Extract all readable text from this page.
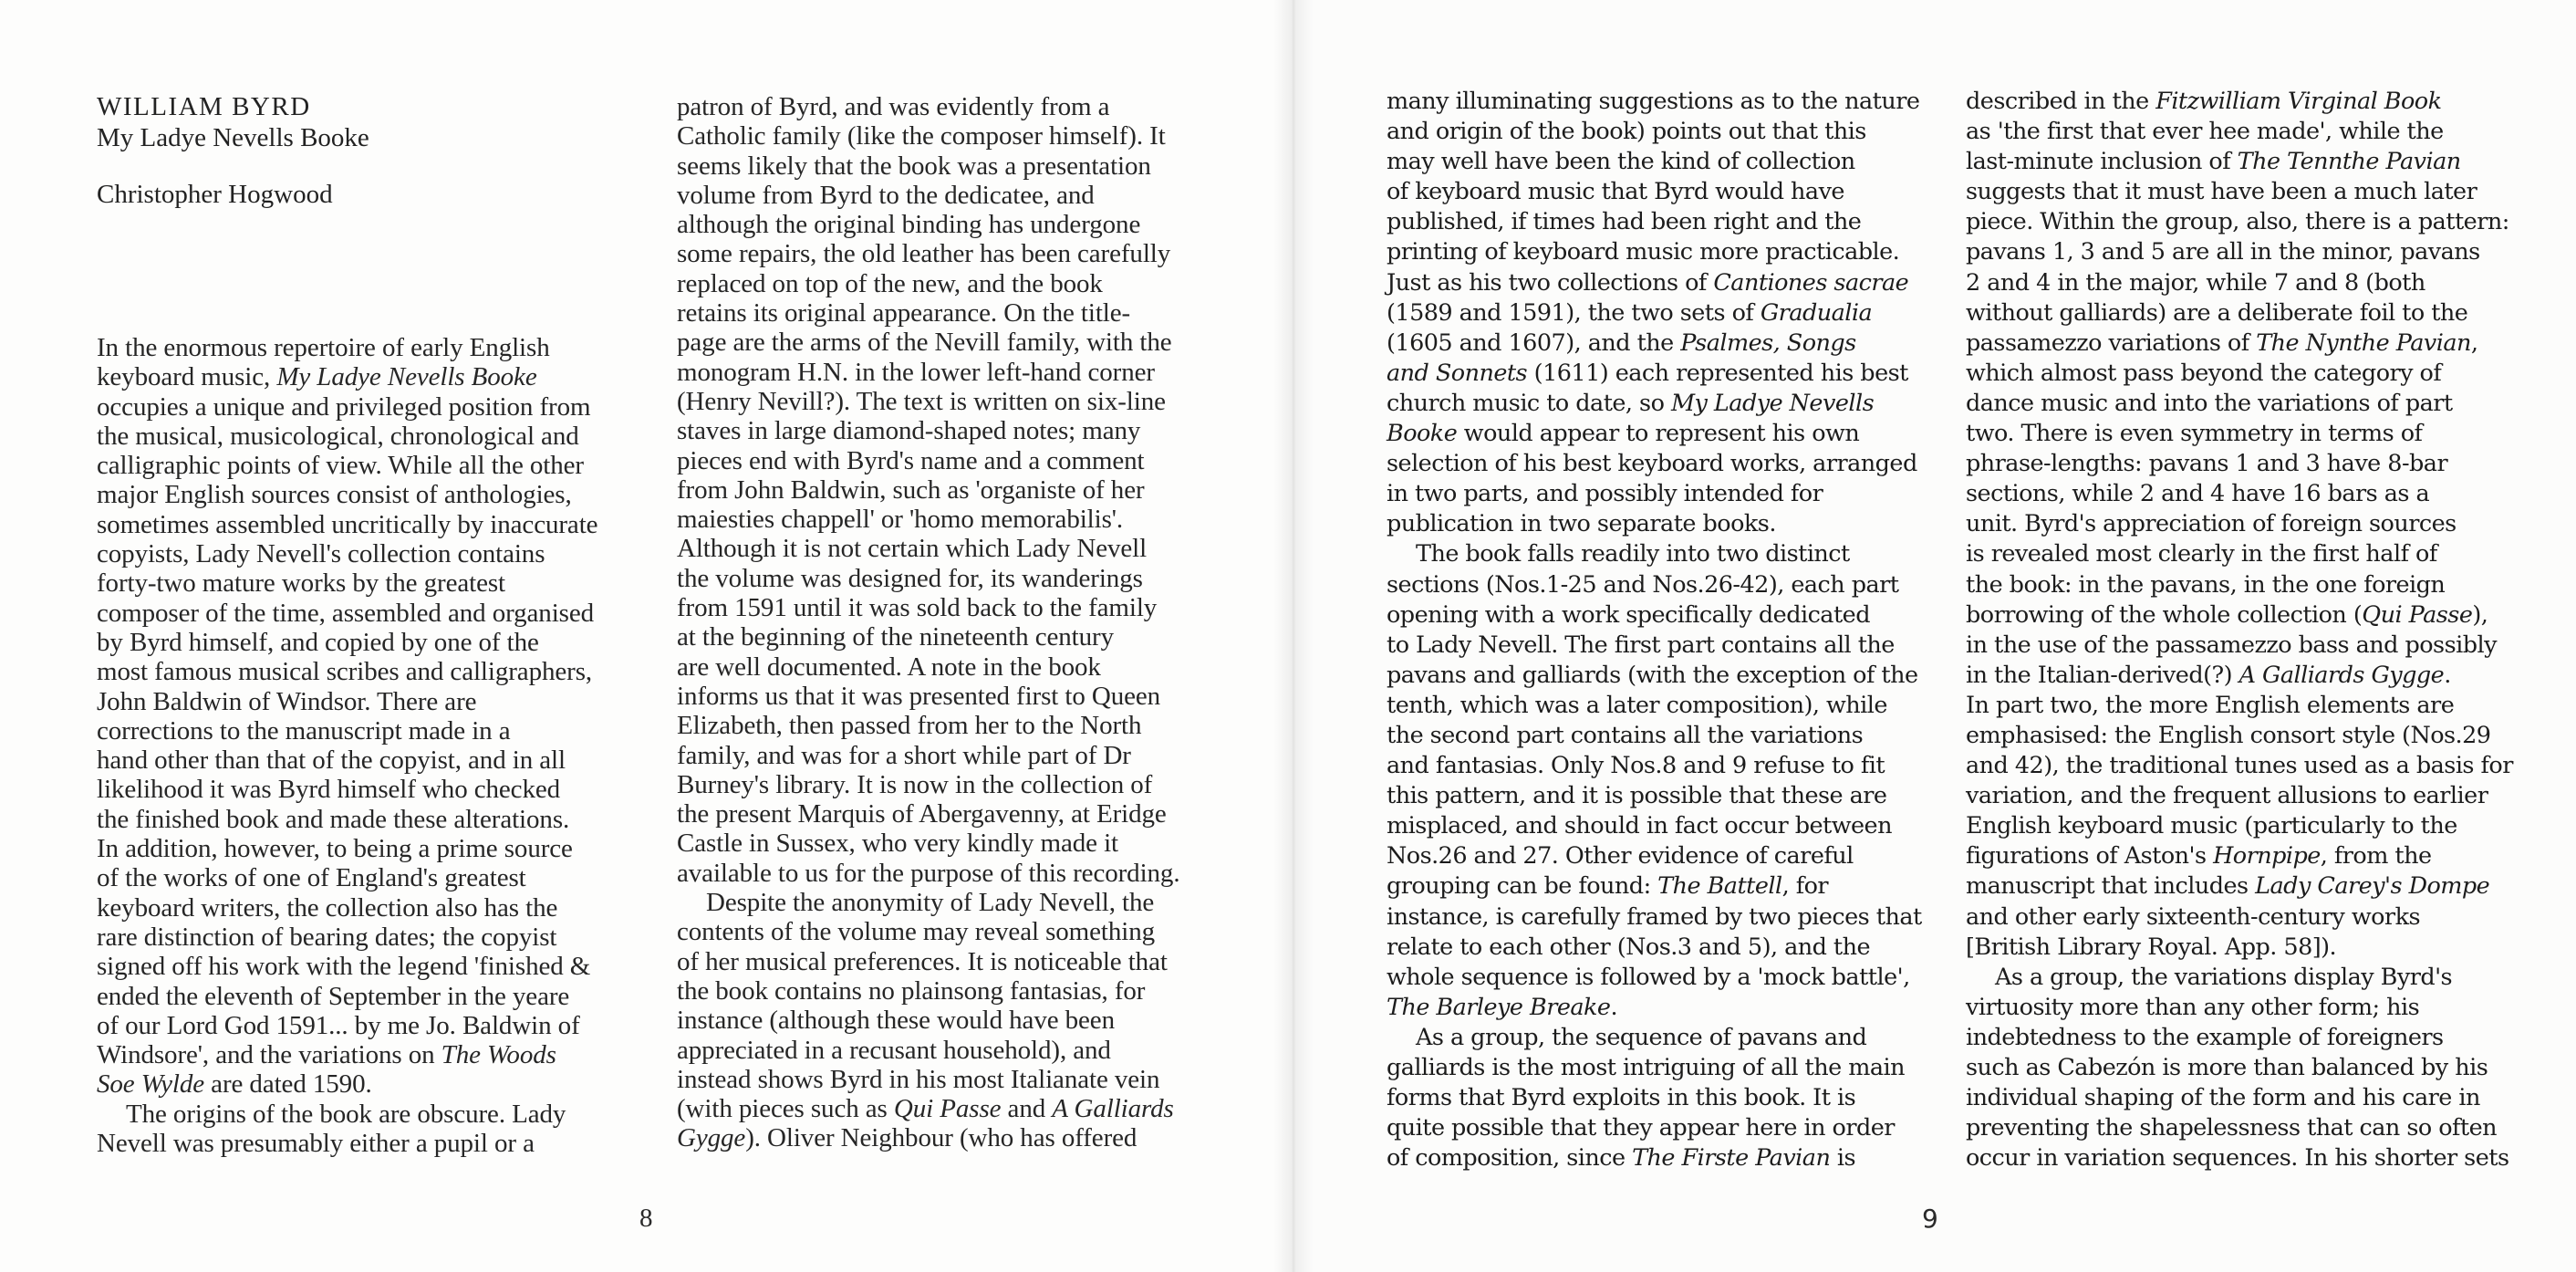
WILLIAM BYRD
My Ladye Nevells Booke
Christopher Hogwood
In the enormous repertoire of early English
keyboard music, My Ladye Nevells Booke
occupies a unique and privileged position from
the musical, musicological, chronological and
calligraphic points of view. While all the other
major English sources consist of anthologies,
sometimes assembled uncritically by inaccurate
copyists, Lady Nevell's collection contains
forty-two mature works by the greatest
composer of the time, assembled and organised
by Byrd himself, and copied by one of the
most famous musical scribes and calligraphers,
John Baldwin of Windsor. There are
corrections to the manuscript made in a
hand other than that of the copyist, and in all
likelihood it was Byrd himself who checked
the finished book and made these alterations.
In addition, however, to being a prime source
of the works of one of England's greatest
keyboard writers, the collection also has the
rare distinction of bearing dates; the copyist
signed off his work with the legend 'finished &
ended the eleventh of September in the yeare
of our Lord God 1591... by me Jo. Baldwin of
Windsore', and the variations on The Woods
Soe Wylde are dated 1590.
The origins of the book are obscure. Lady
Nevell was presumably either a pupil or a
patron of Byrd, and was evidently from a
Catholic family (like the composer himself). It
seems likely that the book was a presentation
volume from Byrd to the dedicatee, and
although the original binding has undergone
some repairs, the old leather has been carefully
replaced on top of the new, and the book
retains its original appearance. On the title-
page are the arms of the Nevill family, with the
monogram H.N. in the lower left-hand corner
(Henry Nevill?). The text is written on six-line
staves in large diamond-shaped notes; many
pieces end with Byrd's name and a comment
from John Baldwin, such as 'organiste of her
maiesties chappell' or 'homo memorabilis'.
Although it is not certain which Lady Nevell
the volume was designed for, its wanderings
from 1591 until it was sold back to the family
at the beginning of the nineteenth century
are well documented. A note in the book
informs us that it was presented first to Queen
Elizabeth, then passed from her to the North
family, and was for a short while part of Dr
Burney's library. It is now in the collection of
the present Marquis of Abergavenny, at Eridge
Castle in Sussex, who very kindly made it
available to us for the purpose of this recording.
Despite the anonymity of Lady Nevell, the
contents of the volume may reveal something
of her musical preferences. It is noticeable that
the book contains no plainsong fantasias, for
instance (although these would have been
appreciated in a recusant household), and
instead shows Byrd in his most Italianate vein
(with pieces such as Qui Passe and A Galliards
Gygge). Oliver Neighbour (who has offered
8
many illuminating suggestions as to the nature
and origin of the book) points out that this
may well have been the kind of collection
of keyboard music that Byrd would have
published, if times had been right and the
printing of keyboard music more practicable.
Just as his two collections of Cantiones sacrae
(1589 and 1591), the two sets of Gradualia
(1605 and 1607), and the Psalmes, Songs
and Sonnets (1611) each represented his best
church music to date, so My Ladye Nevells
Booke would appear to represent his own
selection of his best keyboard works, arranged
in two parts, and possibly intended for
publication in two separate books.
The book falls readily into two distinct
sections (Nos.1-25 and Nos.26-42), each part
opening with a work specifically dedicated
to Lady Nevell. The first part contains all the
pavans and galliards (with the exception of the
tenth, which was a later composition), while
the second part contains all the variations
and fantasias. Only Nos.8 and 9 refuse to fit
this pattern, and it is possible that these are
misplaced, and should in fact occur between
Nos.26 and 27. Other evidence of careful
grouping can be found: The Battell, for
instance, is carefully framed by two pieces that
relate to each other (Nos.3 and 5), and the
whole sequence is followed by a 'mock battle',
The Barleye Breake.
As a group, the sequence of pavans and
galliards is the most intriguing of all the main
forms that Byrd exploits in this book. It is
quite possible that they appear here in order
of composition, since The Firste Pavian is
described in the Fitzwilliam Virginal Book
as 'the first that ever hee made', while the
last-minute inclusion of The Tennthe Pavian
suggests that it must have been a much later
piece. Within the group, also, there is a pattern:
pavans 1, 3 and 5 are all in the minor, pavans
2 and 4 in the major, while 7 and 8 (both
without galliards) are a deliberate foil to the
passamezzo variations of The Nynthe Pavian,
which almost pass beyond the category of
dance music and into the variations of part
two. There is even symmetry in terms of
phrase-lengths: pavans 1 and 3 have 8-bar
sections, while 2 and 4 have 16 bars as a
unit. Byrd's appreciation of foreign sources
is revealed most clearly in the first half of
the book: in the pavans, in the one foreign
borrowing of the whole collection (Qui Passe),
in the use of the passamezzo bass and possibly
in the Italian-derived(?) A Galliards Gygge.
In part two, the more English elements are
emphasised: the English consort style (Nos.29
and 42), the traditional tunes used as a basis for
variation, and the frequent allusions to earlier
English keyboard music (particularly to the
figurations of Aston's Hornpipe, from the
manuscript that includes Lady Carey's Dompe
and other early sixteenth-century works
[British Library Royal. App. 58]).
As a group, the variations display Byrd's
virtuosity more than any other form; his
indebtedness to the example of foreigners
such as Cabezón is more than balanced by his
individual shaping of the form and his care in
preventing the shapelessness that can so often
occur in variation sequences. In his shorter sets
9
